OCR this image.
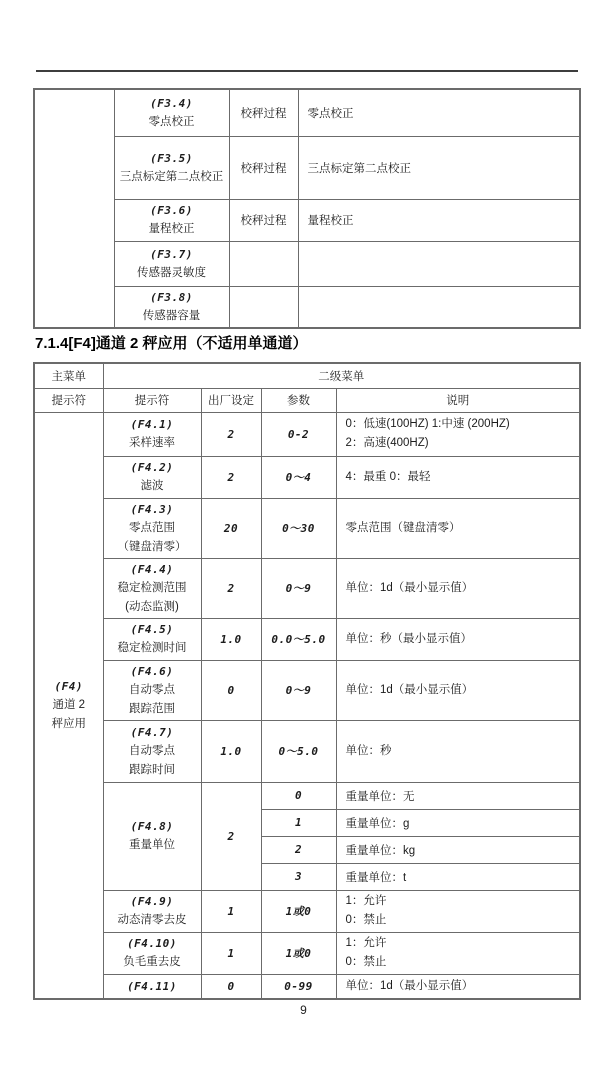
	(F3.4)
零点校正	校秤过程	零点校正

	(F3.5)
三点标定第二点校正	校秤过程	三点标定第二点校正

	(F3.6)
量程校正	校秤过程	量程校正

	(F3.7)
传感器灵敏度		

	(F3.8)
传感器容量		

7.1.4[F4]通道 2 秤应用（不适用单通道）
主菜单	二级菜单			
提示符	提示符	出厂设定	参数	说明

(F4)
通道 2
秤应用

(F4.1)
采样速率
	2	0-2	
0：低速(100HZ) 1:中速 (200HZ)
2：高速(400HZ)

	(F4.2)
滤波	2	0～4	4：最重 0：最轻

	(F4.3)
零点范围
（键盘清零）	20	0～30	零点范围（键盘清零）

	(F4.4)
稳定检测范围
(动态监测)	2	0～9	单位：1d（最小显示值）

	(F4.5)
稳定检测时间	1.0	0.0～5.0	单位：秒（最小显示值）

	(F4.6)
自动零点
跟踪范围	0	0～9	单位：1d（最小显示值）

	(F4.7)
自动零点
跟踪时间	1.0	0～5.0	单位：秒

	(F4.8)
重量单位	2	0	重量单位：无
			1	重量单位：g
			2	重量单位：kg
			3	重量单位：t

(F4.9)
动态清零去皮
	1	1或0	
1：允许
0：禁止

(F4.10)
负毛重去皮
	1	1或0	
1：允许
0：禁止

	(F4.11)	0	0-99	单位：1d（最小显示值）
9
